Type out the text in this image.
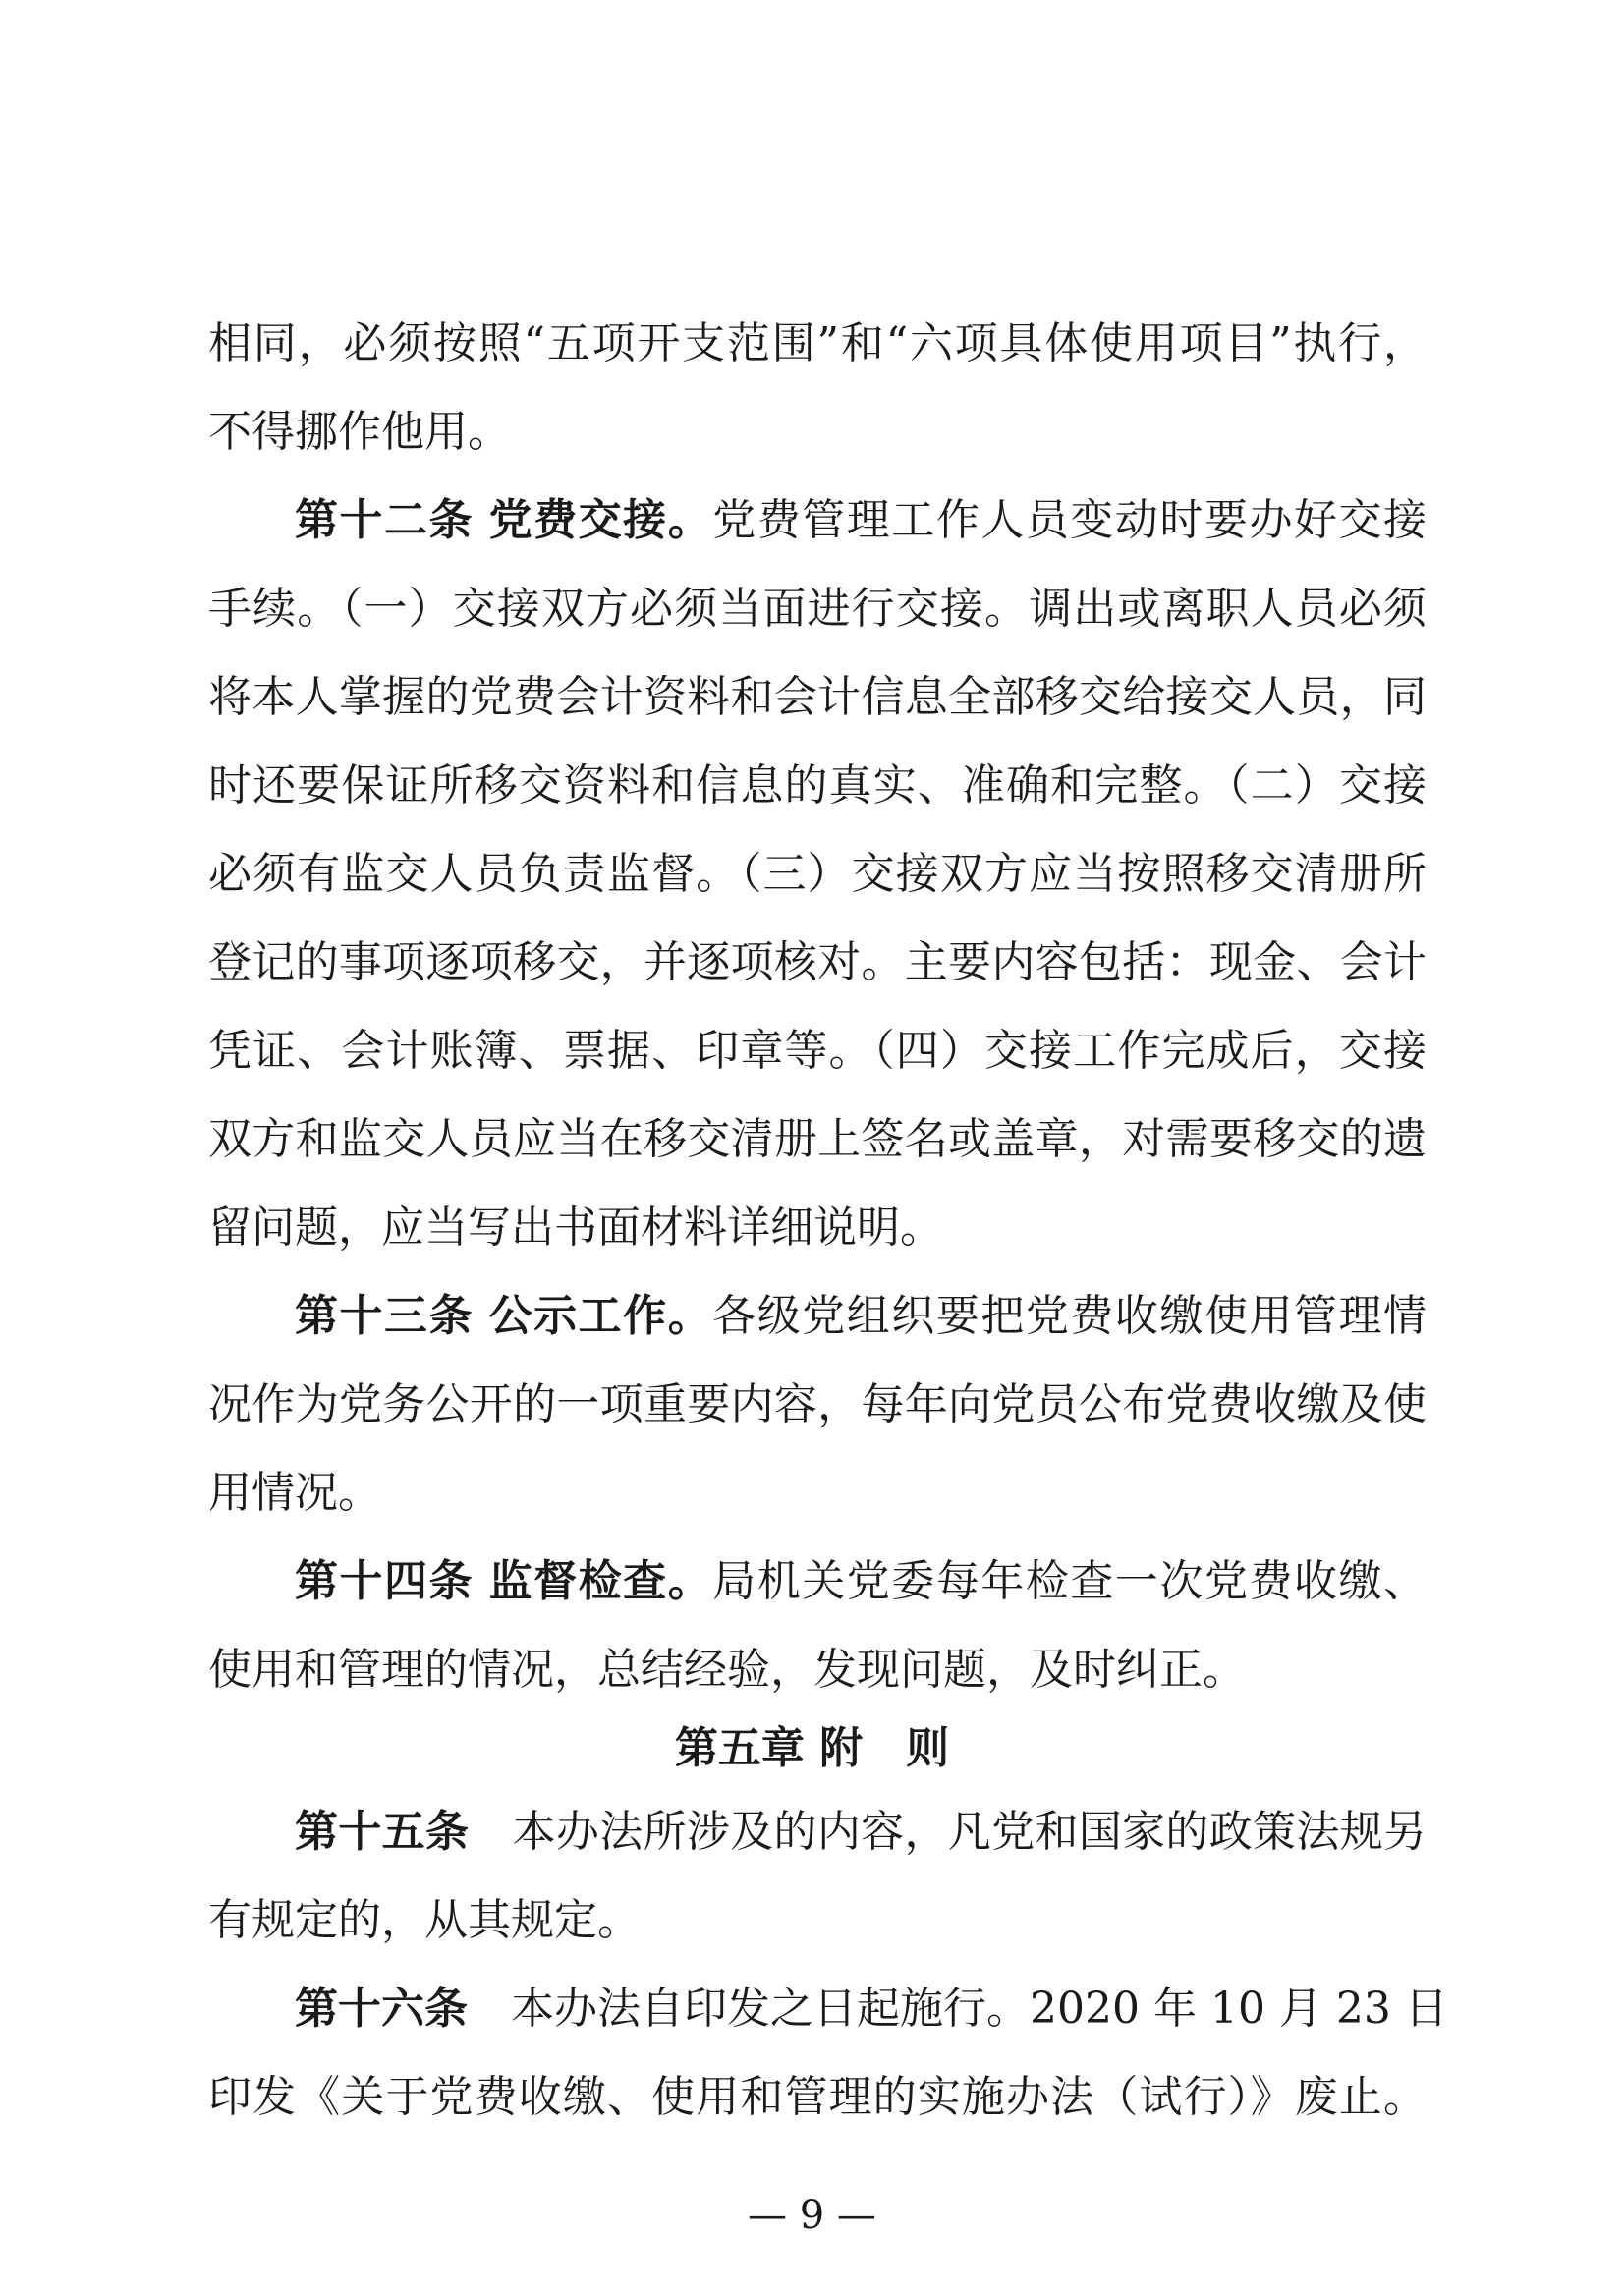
相同，必须按照“五项开支范围”和“六项具体使用项目”执行，
不得挪作他用。
第十二条 党费交接。党费管理工作人员变动时要办好交接
手续。（一）交接双方必须当面进行交接。调出或离职人员必须
将本人掌握的党费会计资料和会计信息全部移交给接交人员，同
时还要保证所移交资料和信息的真实、准确和完整。（二）交接
必须有监交人员负责监督。（三）交接双方应当按照移交清册所
登记的事项逐项移交，并逐项核对。主要内容包括：现金、会计
凭证、会计账簿、票据、印章等。（四）交接工作完成后，交接
双方和监交人员应当在移交清册上签名或盖章，对需要移交的遗
留问题，应当写出书面材料详细说明。
第十三条 公示工作。各级党组织要把党费收缴使用管理情
况作为党务公开的一项重要内容，每年向党员公布党费收缴及使
用情况。
第十四条 监督检查。局机关党委每年检查一次党费收缴、
使用和管理的情况，总结经验，发现问题，及时纠正。
第五章 附　则
第十五条　 本办法所涉及的内容，凡党和国家的政策法规另
有规定的，从其规定。
第十六条　 本办法自印发之日起施行。2020 年 10 月 23 日
印发《关于党费收缴、使用和管理的实施办法（试行）》废止。
— 9 —
